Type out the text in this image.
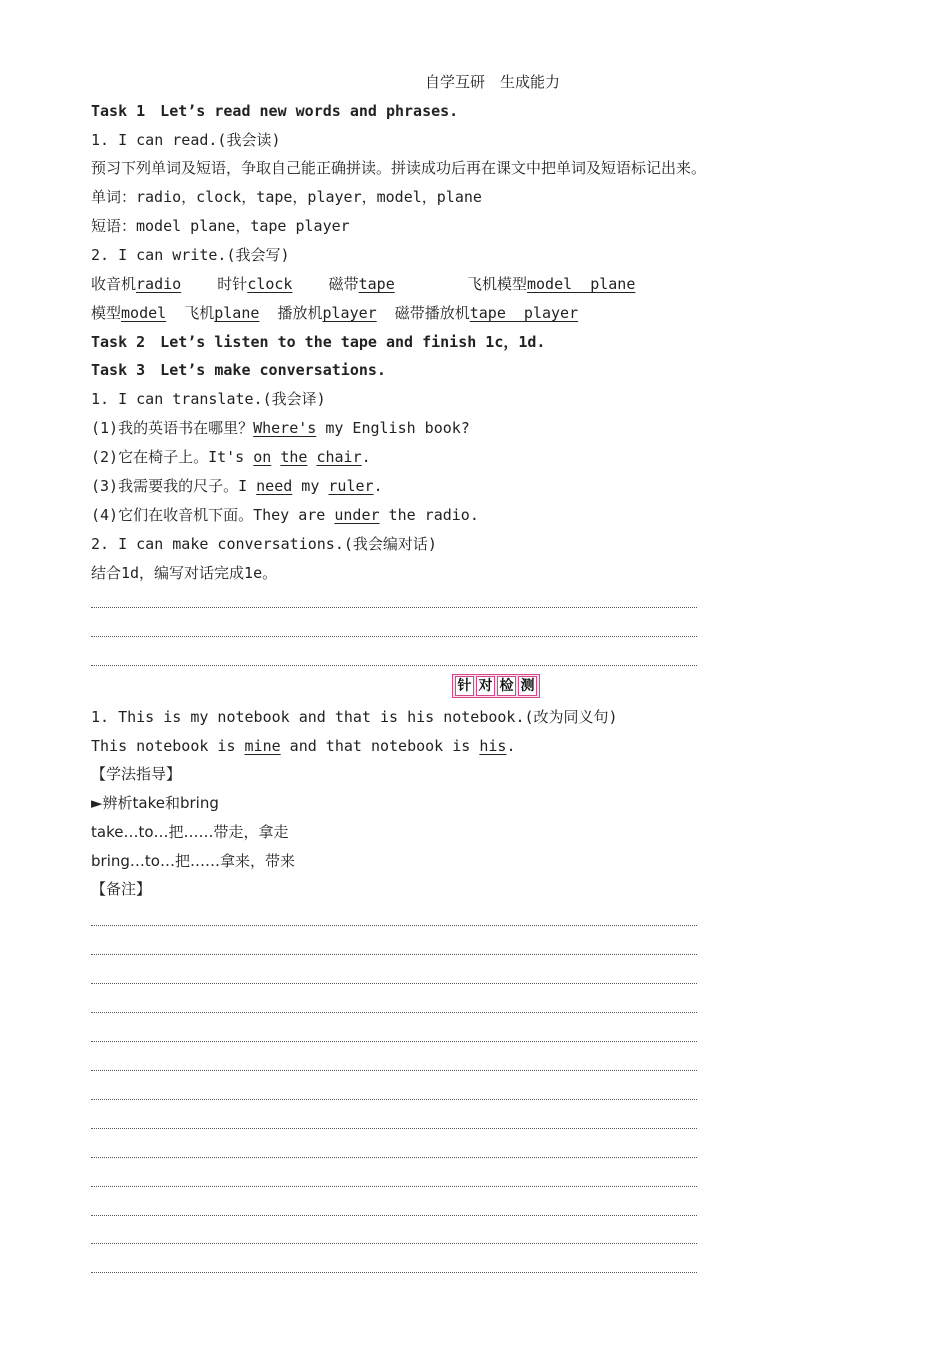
自学互研　生成能力
Task 1　Let’s read new words and phrases.
1. I can read.(我会读)
预习下列单词及短语，争取自己能正确拼读。拼读成功后再在课文中把单词及短语标记出来。
单词：radio，clock，tape，player，model，plane
短语：model plane，tape player
2. I can write.(我会写)
收音机radio 时针clock 磁带tape	飞机模型model  plane
模型model 飞机plane 播放机player 磁带播放机tape  player
Task 2　Let’s listen to the tape and finish 1c，1d.
Task 3　Let’s make conversations.
1. I can translate.(我会译)
(1)我的英语书在哪里？Where's my English book?
(2)它在椅子上。It's on the chair.
(3)我需要我的尺子。I need my ruler.
(4)它们在收音机下面。They are under the radio.
2. I can make conversations.(我会编对话)
结合1d，编写对话完成1e。
针 对 检 测
1. This is my notebook and that is his notebook.(改为同义句)
This notebook is mine and that notebook is his.
【学法指导】
►辨析take和bring
take…to…把……带走，拿走
bring…to…把……拿来，带来
【备注】
